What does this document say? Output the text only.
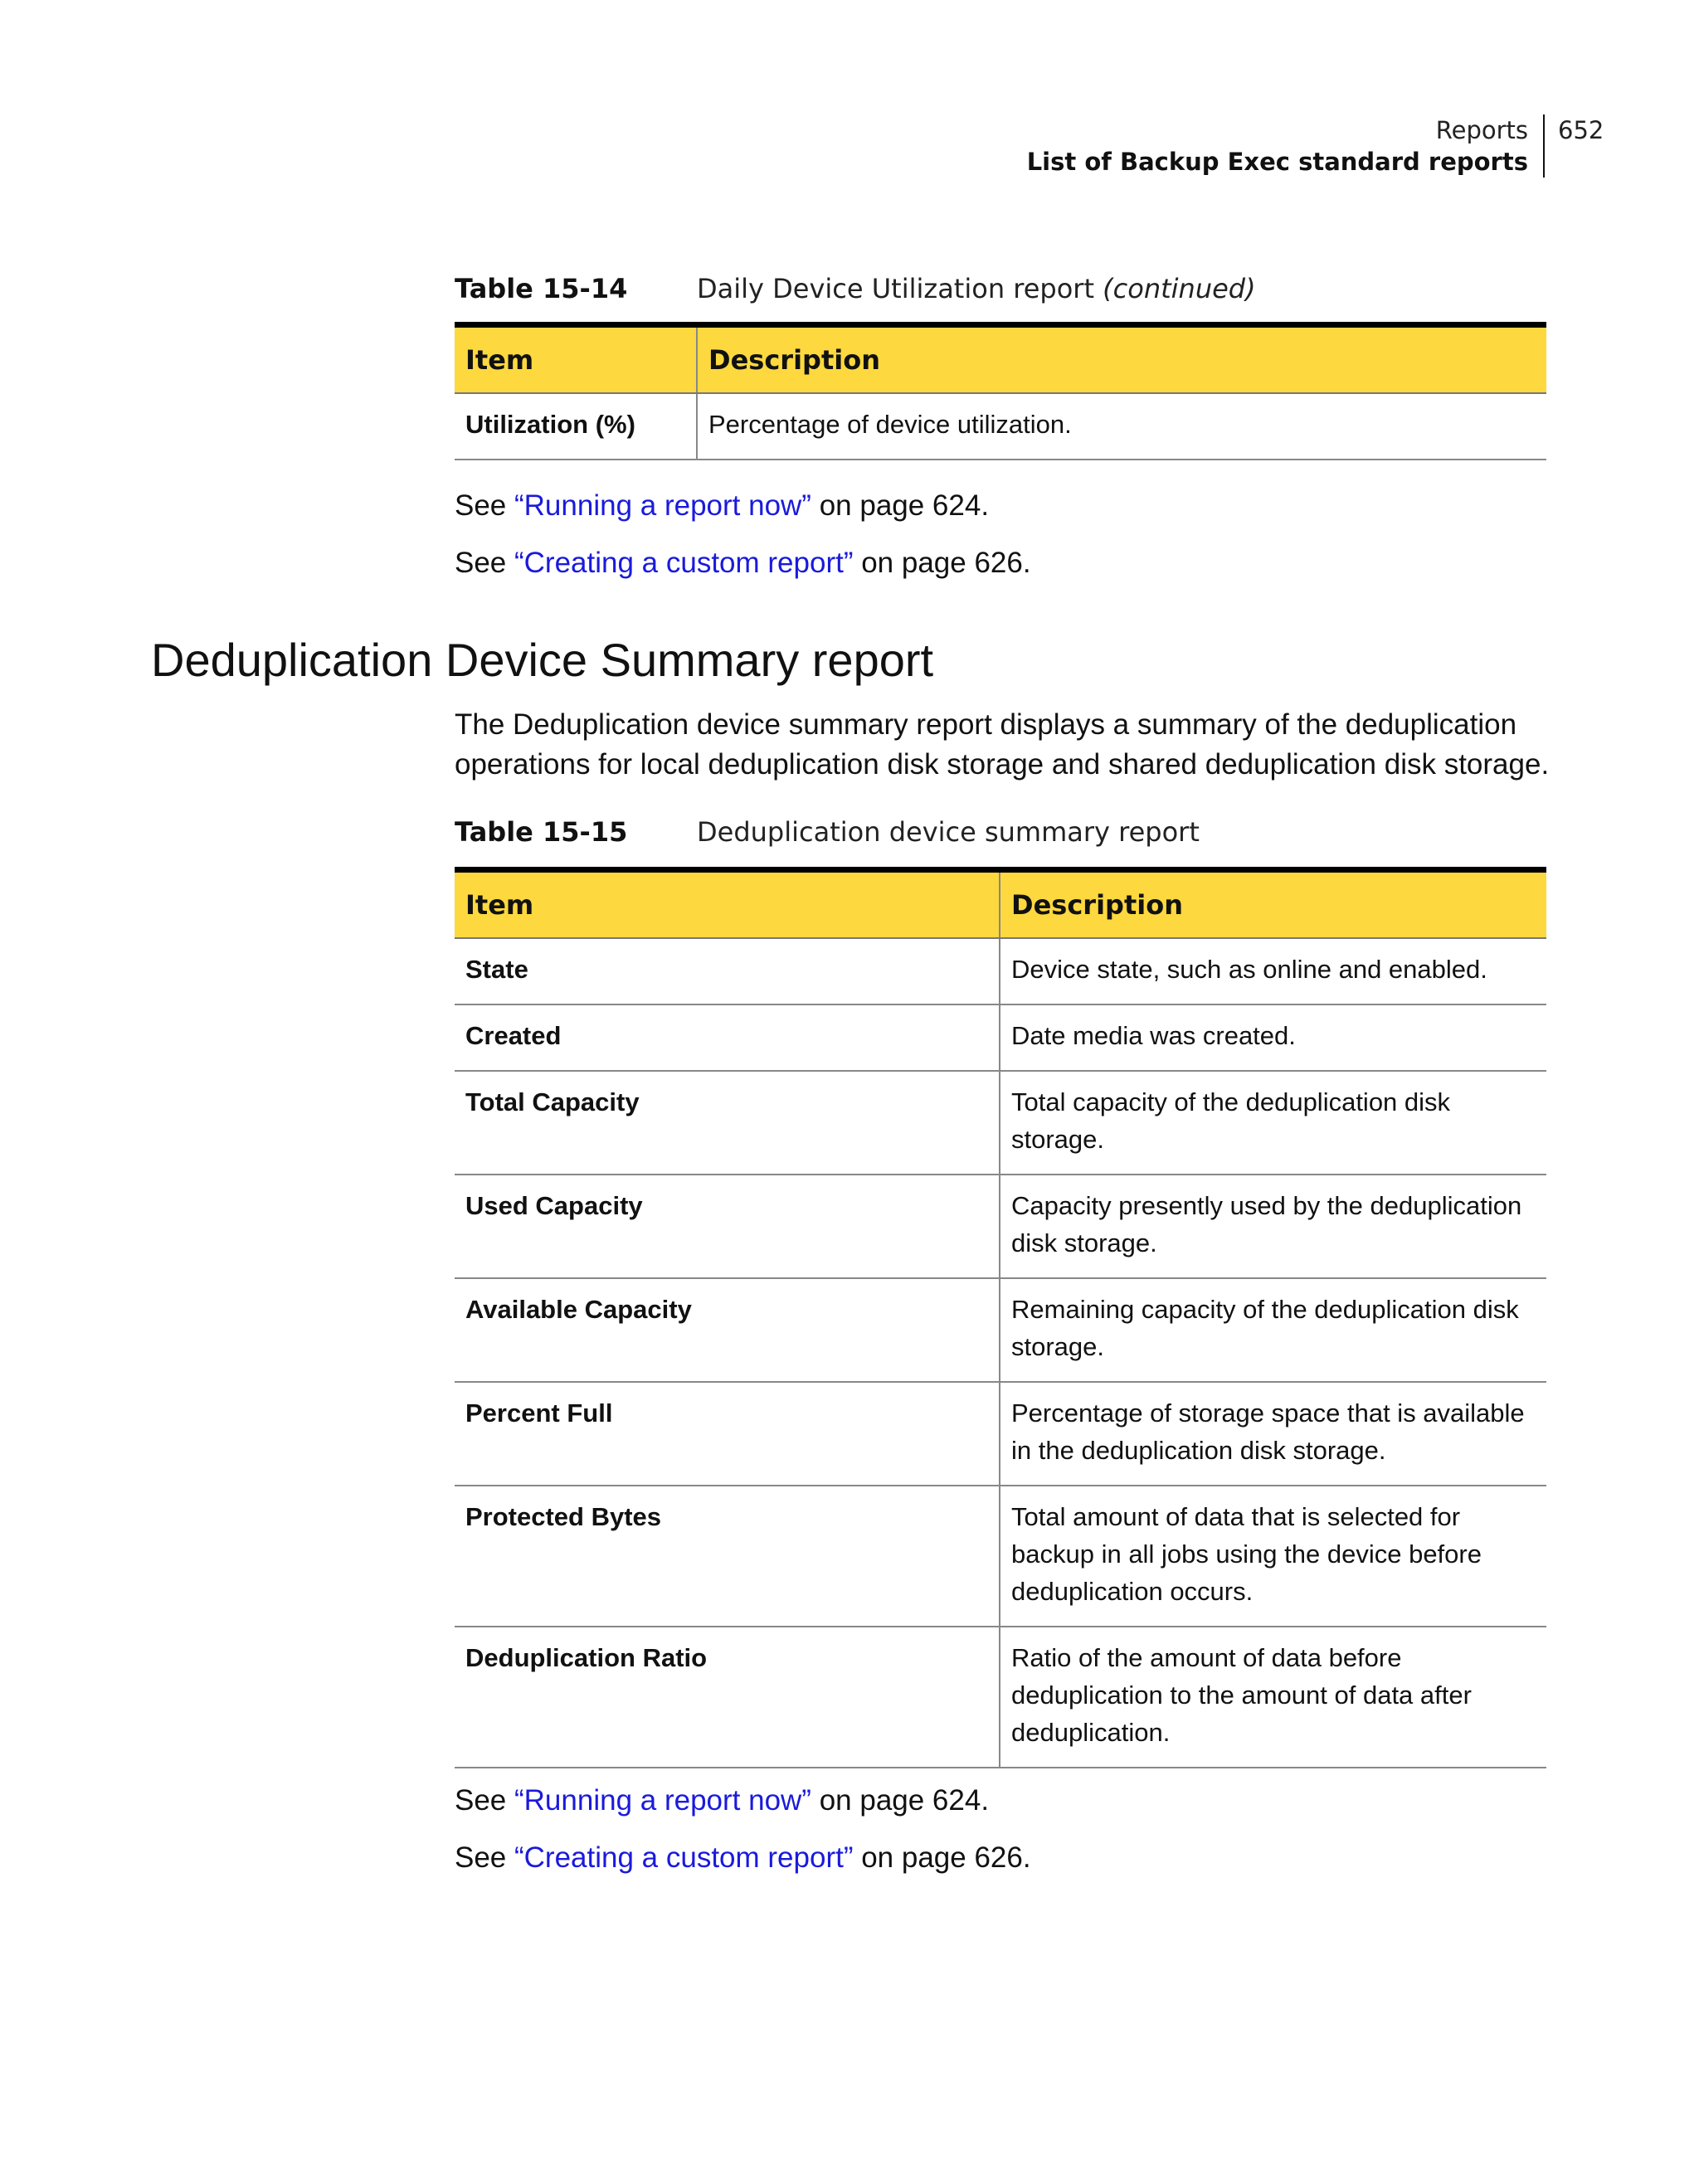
Reports
List of Backup Exec standard reports
652
Table 15-14	Daily Device Utilization report (continued)
Item	Description
Utilization (%)	Percentage of device utilization.
See “Running a report now” on page 624.
See “Creating a custom report” on page 626.
Deduplication Device Summary report

The Deduplication device summary report displays a summary of the deduplication operations for local deduplication disk storage and shared deduplication disk storage.

Table 15-15	Deduplication device summary report
Item	Description
State	Device state, such as online and enabled.
Created	Date media was created.
Total Capacity	Total capacity of the deduplication disk storage.
Used Capacity	Capacity presently used by the deduplication disk storage.
Available Capacity	Remaining capacity of the deduplication disk storage.
Percent Full	Percentage of storage space that is available in the deduplication disk storage.
Protected Bytes	Total amount of data that is selected for backup in all jobs using the device before deduplication occurs.
Deduplication Ratio	Ratio of the amount of data before deduplication to the amount of data after deduplication.
See “Running a report now” on page 624.
See “Creating a custom report” on page 626.
